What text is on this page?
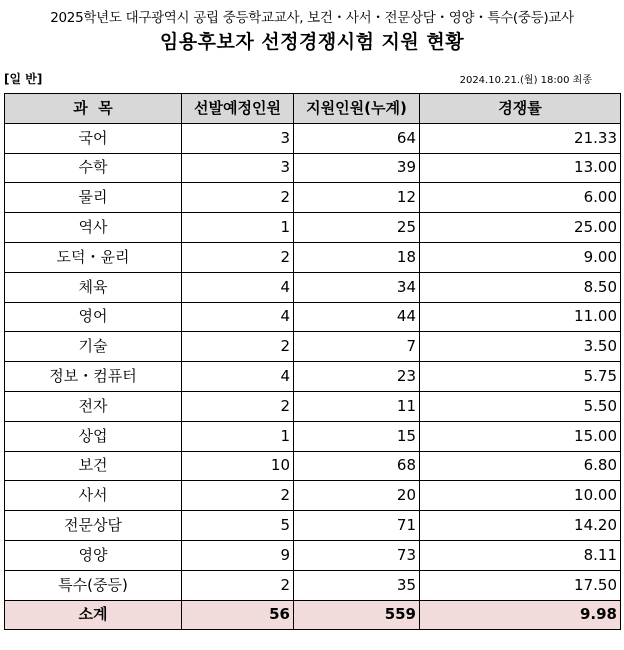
2025학년도 대구광역시 공립 중등학교교사, 보건・사서・전문상담・영양・특수(중등)교사
임용후보자 선정경쟁시험 지원 현황
[일 반]	2024.10.21.(월) 18:00 최종
과  목	선발예정인원	지원인원(누계)	경쟁률
국어	3	64	21.33
수학	3	39	13.00
물리	2	12	6.00
역사	1	25	25.00
도덕・윤리	2	18	9.00
체육	4	34	8.50
영어	4	44	11.00
기술	2	7	3.50
정보・컴퓨터	4	23	5.75
전자	2	11	5.50
상업	1	15	15.00
보건	10	68	6.80
사서	2	20	10.00
전문상담	5	71	14.20
영양	9	73	8.11
특수(중등)	2	35	17.50
소계	56	559	9.98
